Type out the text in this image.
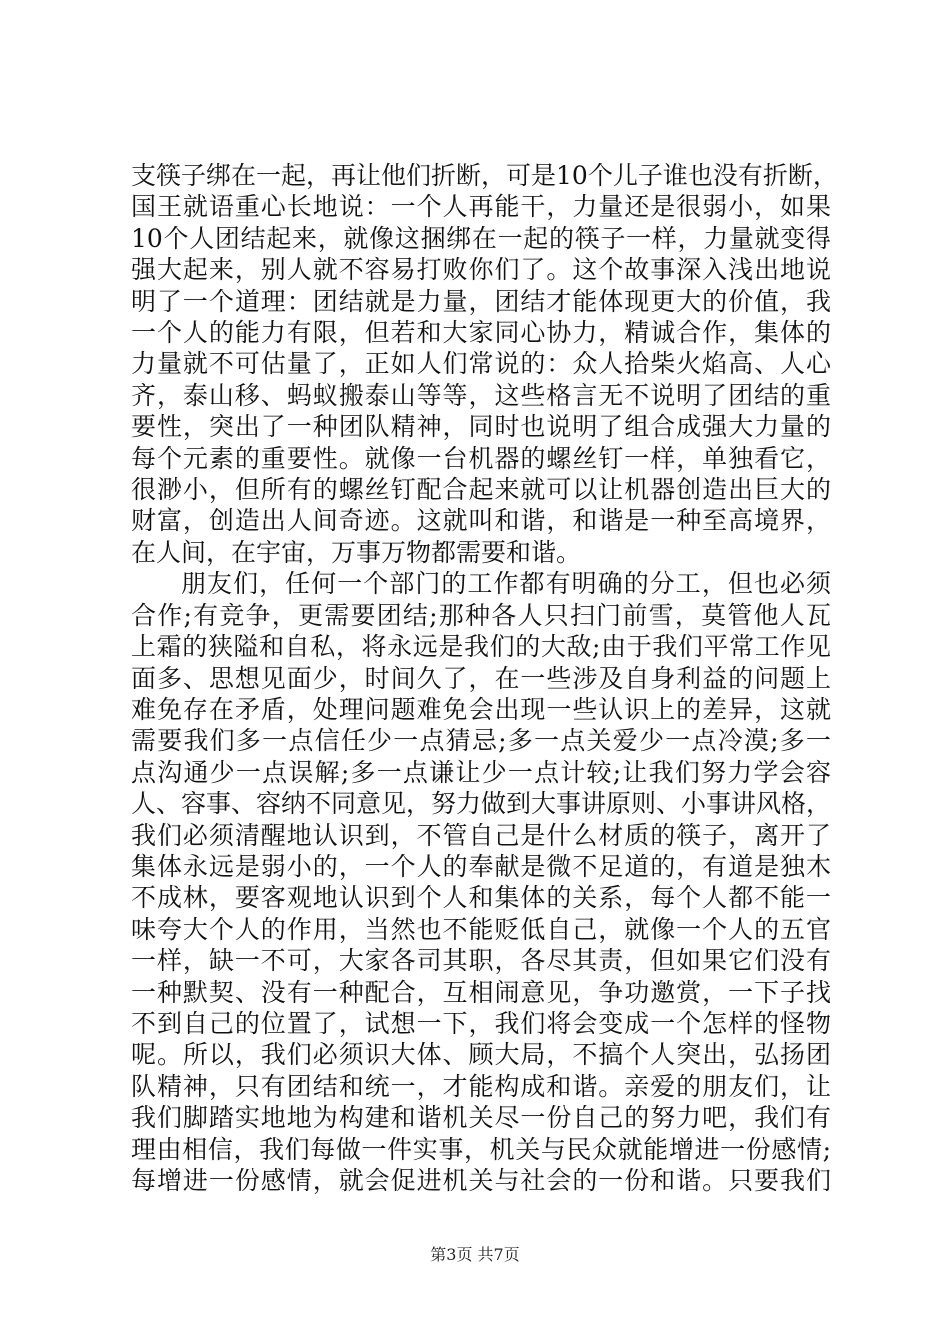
支筷子绑在一起，再让他们折断，可是10个儿子谁也没有折断，
国王就语重心长地说：一个人再能干，力量还是很弱小，如果
10个人团结起来，就像这捆绑在一起的筷子一样，力量就变得
强大起来，别人就不容易打败你们了。这个故事深入浅出地说
明了一个道理：团结就是力量，团结才能体现更大的价值，我
一个人的能力有限，但若和大家同心协力，精诚合作，集体的
力量就不可估量了，正如人们常说的：众人拾柴火焰高、人心
齐，泰山移、蚂蚁搬泰山等等，这些格言无不说明了团结的重
要性，突出了一种团队精神，同时也说明了组合成强大力量的
每个元素的重要性。就像一台机器的螺丝钉一样，单独看它，
很渺小，但所有的螺丝钉配合起来就可以让机器创造出巨大的
财富，创造出人间奇迹。这就叫和谐，和谐是一种至高境界，
在人间，在宇宙，万事万物都需要和谐。
朋友们，任何一个部门的工作都有明确的分工，但也必须
合作;有竞争，更需要团结;那种各人只扫门前雪，莫管他人瓦
上霜的狭隘和自私，将永远是我们的大敌;由于我们平常工作见
面多、思想见面少，时间久了，在一些涉及自身利益的问题上
难免存在矛盾，处理问题难免会出现一些认识上的差异，这就
需要我们多一点信任少一点猜忌;多一点关爱少一点冷漠;多一
点沟通少一点误解;多一点谦让少一点计较;让我们努力学会容
人、容事、容纳不同意见，努力做到大事讲原则、小事讲风格，
我们必须清醒地认识到，不管自己是什么材质的筷子，离开了
集体永远是弱小的，一个人的奉献是微不足道的，有道是独木
不成林，要客观地认识到个人和集体的关系，每个人都不能一
味夸大个人的作用，当然也不能贬低自己，就像一个人的五官
一样，缺一不可，大家各司其职，各尽其责，但如果它们没有
一种默契、没有一种配合，互相闹意见，争功邀赏，一下子找
不到自己的位置了，试想一下，我们将会变成一个怎样的怪物
呢。所以，我们必须识大体、顾大局，不搞个人突出，弘扬团
队精神，只有团结和统一，才能构成和谐。亲爱的朋友们，让
我们脚踏实地地为构建和谐机关尽一份自己的努力吧，我们有
理由相信，我们每做一件实事，机关与民众就能增进一份感情;
每增进一份感情，就会促进机关与社会的一份和谐。只要我们
第3页 共7页
